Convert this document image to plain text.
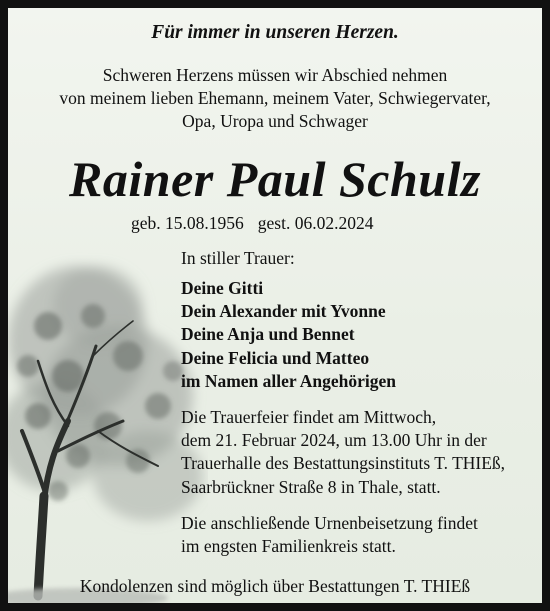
Für immer in unseren Herzen.

Schweren Herzens müssen wir Abschied nehmen
von meinem lieben Ehemann, meinem Vater, Schwiegervater,
Opa, Uropa und Schwager
Rainer Paul Schulz
geb. 15.08.1956 gest. 06.02.2024

In stiller Trauer:

Deine Gitti
Dein Alexander mit Yvonne
Deine Anja und Bennet
Deine Felicia und Matteo
im Namen aller Angehörigen
Die Trauerfeier findet am Mittwoch,
dem 21. Februar 2024, um 13.00 Uhr in der
Trauerhalle des Bestattungsinstituts T. THIEß,
Saarbrückner Straße 8 in Thale, statt.
Die anschließende Urnenbeisetzung findet
im engsten Familienkreis statt.

Kondolenzen sind möglich über Bestattungen T. THIEß
